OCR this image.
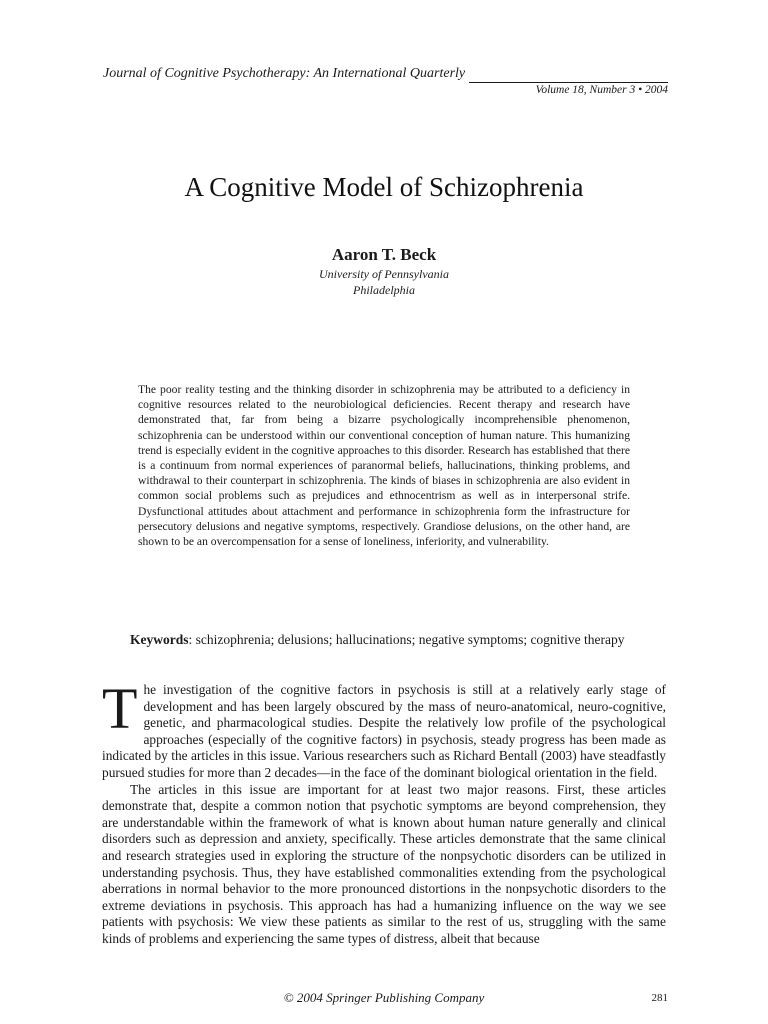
Journal of Cognitive Psychotherapy: An International Quarterly
Volume 18, Number 3 • 2004
A Cognitive Model of Schizophrenia
Aaron T. Beck
University of Pennsylvania
Philadelphia

The poor reality testing and the thinking disorder in schizophrenia may be attributed to a deficiency in cognitive resources related to the neurobiological deficiencies. Recent therapy and research have demonstrated that, far from being a bizarre psychologically incomprehensible phenomenon, schizophrenia can be understood within our conventional conception of human nature. This humanizing trend is especially evident in the cognitive approaches to this disorder. Research has established that there is a continuum from normal experiences of paranormal beliefs, hallucinations, thinking problems, and withdrawal to their counterpart in schizophrenia. The kinds of biases in schizophrenia are also evident in common social problems such as prejudices and ethnocentrism as well as in interpersonal strife. Dysfunctional attitudes about attachment and performance in schizophrenia form the infrastructure for persecutory delusions and negative symptoms, respectively. Grandiose delusions, on the other hand, are shown to be an overcompensation for a sense of loneliness, inferiority, and vulnerability.

Keywords: schizophrenia; delusions; hallucinations; negative symptoms; cognitive therapy

The investigation of the cognitive factors in psychosis is still at a relatively early stage of development and has been largely obscured by the mass of neuro-anatomical, neuro-cognitive, genetic, and pharmacological studies. Despite the relatively low profile of the psychological approaches (especially of the cognitive factors) in psychosis, steady progress has been made as indicated by the articles in this issue. Various researchers such as Richard Bentall (2003) have steadfastly pursued studies for more than 2 decades—in the face of the dominant biological orientation in the field.

The articles in this issue are important for at least two major reasons. First, these articles demonstrate that, despite a common notion that psychotic symptoms are beyond comprehension, they are understandable within the framework of what is known about human nature generally and clinical disorders such as depression and anxiety, specifically. These articles demonstrate that the same clinical and research strategies used in exploring the structure of the nonpsychotic disorders can be utilized in understanding psychosis. Thus, they have established commonalities extending from the psychological aberrations in normal behavior to the more pronounced distortions in the nonpsychotic disorders to the extreme deviations in psychosis. This approach has had a humanizing influence on the way we see patients with psychosis: We view these patients as similar to the rest of us, struggling with the same kinds of problems and experiencing the same types of distress, albeit that because

© 2004 Springer Publishing Company	281
